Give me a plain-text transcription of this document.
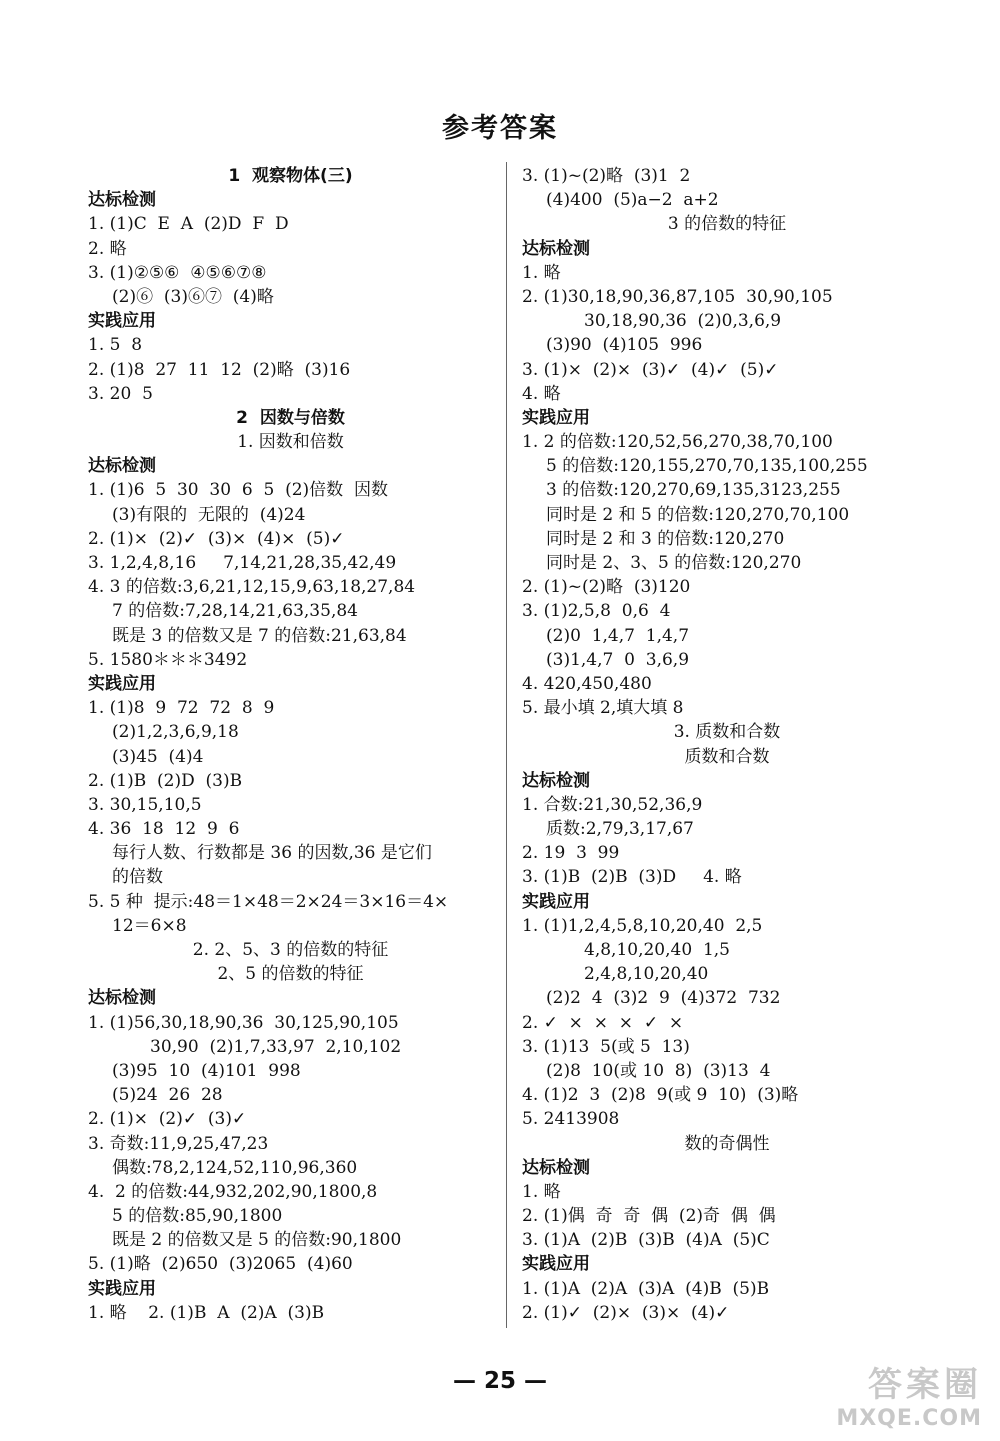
参考答案
1  观察物体(三)
达标检测
1. (1)C  E  A  (2)D  F  D
2. 略
3. (1)②⑤⑥  ④⑤⑥⑦⑧
(2)⑥  (3)⑥⑦  (4)略
实践应用
1. 5  8
2. (1)8  27  11  12  (2)略  (3)16
3. 20  5
2  因数与倍数
1. 因数和倍数
达标检测
1. (1)6  5  30  30  6  5  (2)倍数  因数
(3)有限的  无限的  (4)24
2. (1)×  (2)✓  (3)×  (4)×  (5)✓
3. 1,2,4,8,16     7,14,21,28,35,42,49
4. 3 的倍数:3,6,21,12,15,9,63,18,27,84
7 的倍数:7,28,14,21,63,35,84
既是 3 的倍数又是 7 的倍数:21,63,84
5. 1580＊＊＊3492
实践应用
1. (1)8  9  72  72  8  9
(2)1,2,3,6,9,18
(3)45  (4)4
2. (1)B  (2)D  (3)B
3. 30,15,10,5
4. 36  18  12  9  6
每行人数、行数都是 36 的因数,36 是它们
的倍数
5. 5 种  提示:48＝1×48＝2×24＝3×16＝4×
12＝6×8
2. 2、5、3 的倍数的特征
2、5 的倍数的特征
达标检测
1. (1)56,30,18,90,36  30,125,90,105
30,90  (2)1,7,33,97  2,10,102
(3)95  10  (4)101  998
(5)24  26  28
2. (1)×  (2)✓  (3)✓
3. 奇数:11,9,25,47,23
偶数:78,2,124,52,110,96,360
4.  2 的倍数:44,932,202,90,1800,8
5 的倍数:85,90,1800
既是 2 的倍数又是 5 的倍数:90,1800
5. (1)略  (2)650  (3)2065  (4)60
实践应用
1. 略    2. (1)B  A  (2)A  (3)B
3. (1)~(2)略  (3)1  2
(4)400  (5)a−2  a+2
3 的倍数的特征
达标检测
1. 略
2. (1)30,18,90,36,87,105  30,90,105
30,18,90,36  (2)0,3,6,9
(3)90  (4)105  996
3. (1)×  (2)×  (3)✓  (4)✓  (5)✓
4. 略
实践应用
1. 2 的倍数:120,52,56,270,38,70,100
5 的倍数:120,155,270,70,135,100,255
3 的倍数:120,270,69,135,3123,255
同时是 2 和 5 的倍数:120,270,70,100
同时是 2 和 3 的倍数:120,270
同时是 2、3、5 的倍数:120,270
2. (1)~(2)略  (3)120
3. (1)2,5,8  0,6  4
(2)0  1,4,7  1,4,7
(3)1,4,7  0  3,6,9
4. 420,450,480
5. 最小填 2,填大填 8
3. 质数和合数
质数和合数
达标检测
1. 合数:21,30,52,36,9
质数:2,79,3,17,67
2. 19  3  99
3. (1)B  (2)B  (3)D     4. 略
实践应用
1. (1)1,2,4,5,8,10,20,40  2,5
4,8,10,20,40  1,5
2,4,8,10,20,40
(2)2  4  (3)2  9  (4)372  732
2. ✓  ×  ×  ×  ✓  ×
3. (1)13  5(或 5  13)
(2)8  10(或 10  8)  (3)13  4
4. (1)2  3  (2)8  9(或 9  10)  (3)略
5. 2413908
数的奇偶性
达标检测
1. 略
2. (1)偶  奇  奇  偶  (2)奇  偶  偶
3. (1)A  (2)B  (3)B  (4)A  (5)C
实践应用
1. (1)A  (2)A  (3)A  (4)B  (5)B
2. (1)✓  (2)×  (3)×  (4)✓
— 25 —	答案圈
MXQE.COM
